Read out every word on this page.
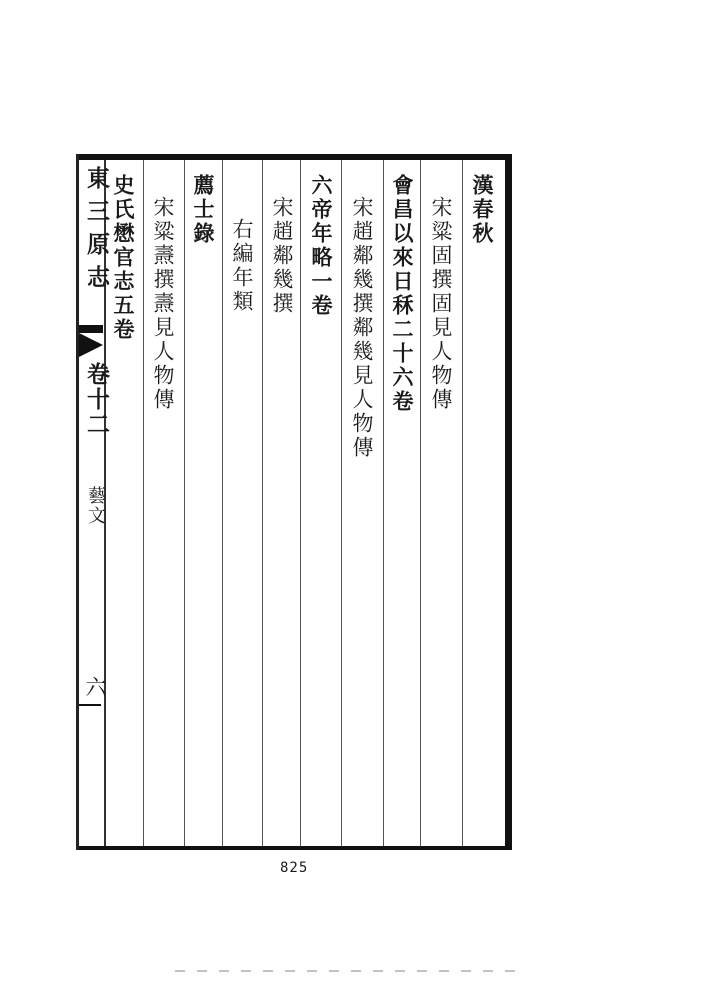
東三原志
卷十二
藝文
六
漢春秋
宋粱固撰固見人物傳
會昌以來日秝二十六卷
宋趙鄰幾撰鄰幾見人物傳
六帝年略一卷
宋趙鄰幾撰
右編年類
薦士錄
宋粱燾撰燾見人物傳
史氏懋官志五卷
825
